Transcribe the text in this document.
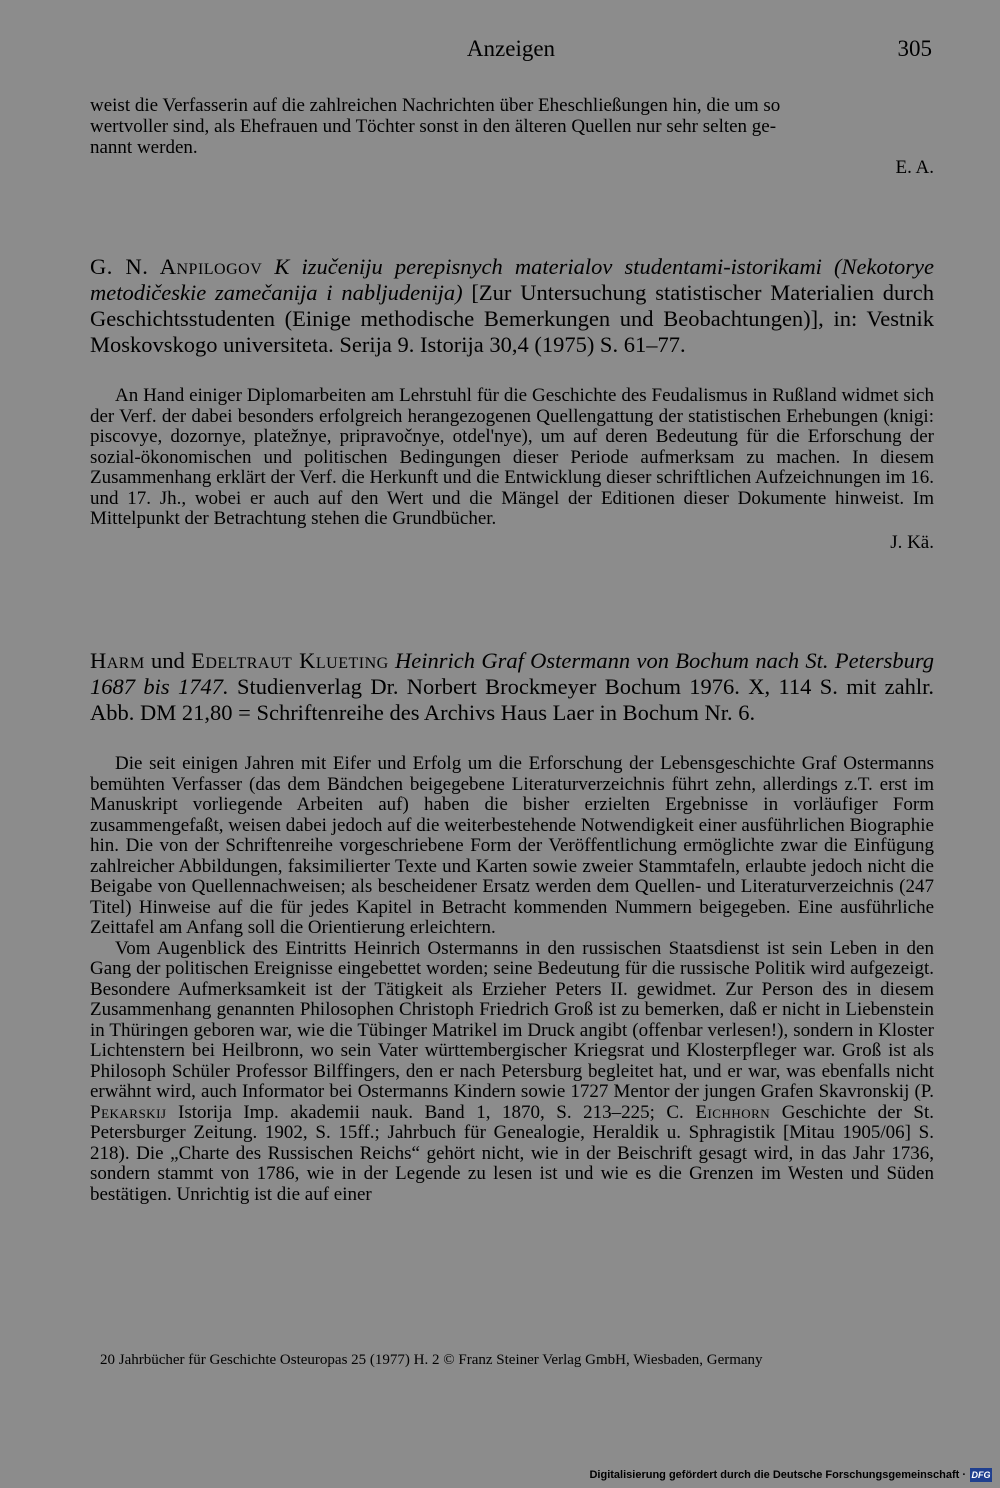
Anzeigen	305
weist die Verfasserin auf die zahlreichen Nachrichten über Eheschließungen hin, die um so
wertvoller sind, als Ehefrauen und Töchter sonst in den älteren Quellen nur sehr selten ge-
nannt werden.

E. A.

G. N. Anpilogov K izučeniju perepisnych materialov studentami-istorikami (Nekotorye metodičeskie zamečanija i nabljudenija) [Zur Untersuchung statistischer Materialien durch Geschichtsstudenten (Einige methodische Bemerkungen und Beobachtungen)], in: Vestnik Moskovskogo universiteta. Serija 9. Istorija 30,4 (1975) S. 61–77.

An Hand einiger Diplomarbeiten am Lehrstuhl für die Geschichte des Feudalismus in Rußland widmet sich der Verf. der dabei besonders erfolgreich herangezogenen Quellengattung der statistischen Erhebungen (knigi: piscovye, dozornye, platežnye, pripravočnye, otdel'nye), um auf deren Bedeutung für die Erforschung der sozial-ökonomischen und politischen Bedingungen dieser Periode aufmerksam zu machen. In diesem Zusammenhang erklärt der Verf. die Herkunft und die Entwicklung dieser schriftlichen Aufzeichnungen im 16. und 17. Jh., wobei er auch auf den Wert und die Mängel der Editionen dieser Dokumente hinweist. Im Mittelpunkt der Betrachtung stehen die Grundbücher.

J. Kä.

Harm und Edeltraut Klueting Heinrich Graf Ostermann von Bochum nach St. Petersburg 1687 bis 1747. Studienverlag Dr. Norbert Brockmeyer Bochum 1976. X, 114 S. mit zahlr. Abb. DM 21,80 = Schriftenreihe des Archivs Haus Laer in Bochum Nr. 6.

Die seit einigen Jahren mit Eifer und Erfolg um die Erforschung der Lebensgeschichte Graf Ostermanns bemühten Verfasser (das dem Bändchen beigegebene Literaturverzeichnis führt zehn, allerdings z.T. erst im Manuskript vorliegende Arbeiten auf) haben die bisher erzielten Ergebnisse in vorläufiger Form zusammengefaßt, weisen dabei jedoch auf die weiterbestehende Notwendigkeit einer ausführlichen Biographie hin. Die von der Schriftenreihe vorgeschriebene Form der Veröffentlichung ermöglichte zwar die Einfügung zahlreicher Abbildungen, faksimilierter Texte und Karten sowie zweier Stammtafeln, erlaubte jedoch nicht die Beigabe von Quellennachweisen; als bescheidener Ersatz werden dem Quellen- und Literaturverzeichnis (247 Titel) Hinweise auf die für jedes Kapitel in Betracht kommenden Nummern beigegeben. Eine ausführliche Zeittafel am Anfang soll die Orientierung erleichtern.

Vom Augenblick des Eintritts Heinrich Ostermanns in den russischen Staatsdienst ist sein Leben in den Gang der politischen Ereignisse eingebettet worden; seine Bedeutung für die russische Politik wird aufgezeigt. Besondere Aufmerksamkeit ist der Tätigkeit als Erzieher Peters II. gewidmet. Zur Person des in diesem Zusammenhang genannten Philosophen Christoph Friedrich Groß ist zu bemerken, daß er nicht in Liebenstein in Thüringen geboren war, wie die Tübinger Matrikel im Druck angibt (offenbar verlesen!), sondern in Kloster Lichtenstern bei Heilbronn, wo sein Vater württembergischer Kriegsrat und Klosterpfleger war. Groß ist als Philosoph Schüler Professor Bilffingers, den er nach Petersburg begleitet hat, und er war, was ebenfalls nicht erwähnt wird, auch Informator bei Ostermanns Kindern sowie 1727 Mentor der jungen Grafen Skavronskij (P. Pekarskij Istorija Imp. akademii nauk. Band 1, 1870, S. 213–225; C. Eichhorn Geschichte der St. Petersburger Zeitung. 1902, S. 15ff.; Jahrbuch für Genealogie, Heraldik u. Sphragistik [Mitau 1905/06] S. 218). Die „Charte des Russischen Reichs“ gehört nicht, wie in der Beischrift gesagt wird, in das Jahr 1736, sondern stammt von 1786, wie in der Legende zu lesen ist und wie es die Grenzen im Westen und Süden bestätigen. Unrichtig ist die auf einer

20 Jahrbücher für Geschichte Osteuropas 25 (1977) H. 2 © Franz Steiner Verlag GmbH, Wiesbaden, Germany
Digitalisierung gefördert durch die Deutsche Forschungsgemeinschaft · DFG
